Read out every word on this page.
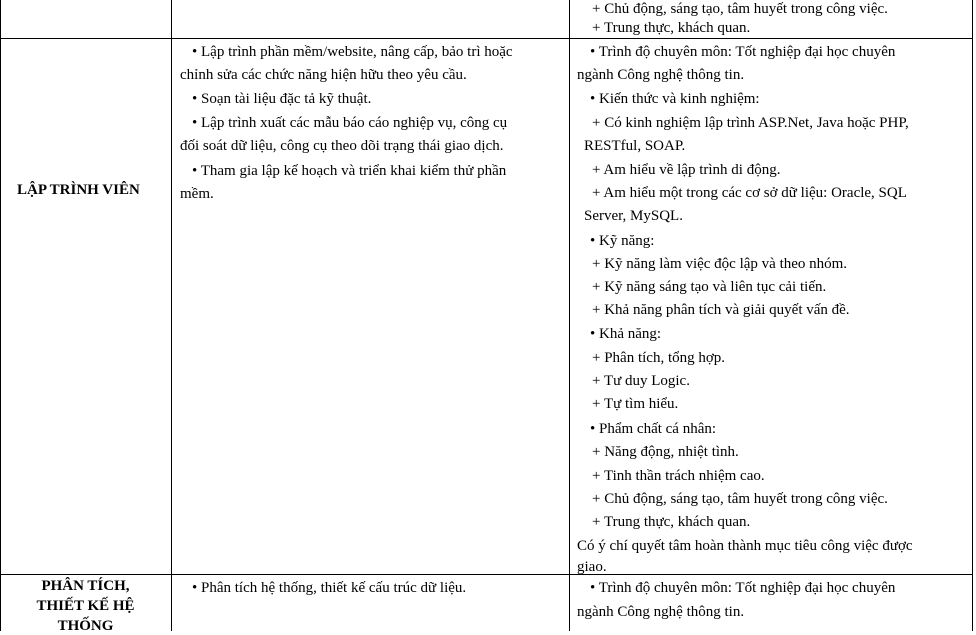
+ Chủ động, sáng tạo, tâm huyết trong công việc.
+ Trung thực, khách quan.
LẬP TRÌNH VIÊN
• Lập trình phần mềm/website, nâng cấp, bảo trì hoặc
chỉnh sửa các chức năng hiện hữu theo yêu cầu.
• Soạn tài liệu đặc tả kỹ thuật.
• Lập trình xuất các mẫu báo cáo nghiệp vụ, công cụ
đối soát dữ liệu, công cụ theo dõi trạng thái giao dịch.
• Tham gia lập kế hoạch và triển khai kiểm thử phần
mềm.
• Trình độ chuyên môn: Tốt nghiệp đại học chuyên
ngành Công nghệ thông tin.
• Kiến thức và kinh nghiệm:
+ Có kinh nghiệm lập trình ASP.Net, Java hoặc PHP,
RESTful, SOAP.
+ Am hiểu về lập trình di động.
+ Am hiểu một trong các cơ sở dữ liệu: Oracle, SQL
Server, MySQL.
• Kỹ năng:
+ Kỹ năng làm việc độc lập và theo nhóm.
+ Kỹ năng sáng tạo và liên tục cải tiến.
+ Khả năng phân tích và giải quyết vấn đề.
• Khả năng:
+ Phân tích, tổng hợp.
+ Tư duy Logic.
+ Tự tìm hiểu.
• Phẩm chất cá nhân:
+ Năng động, nhiệt tình.
+ Tinh thần trách nhiệm cao.
+ Chủ động, sáng tạo, tâm huyết trong công việc.
+ Trung thực, khách quan.
Có ý chí quyết tâm hoàn thành mục tiêu công việc được
giao.
PHÂN TÍCH,
THIẾT KẾ HỆ
THỐNG
• Phân tích hệ thống, thiết kế cấu trúc dữ liệu.	• Trình độ chuyên môn: Tốt nghiệp đại học chuyên
ngành Công nghệ thông tin.
